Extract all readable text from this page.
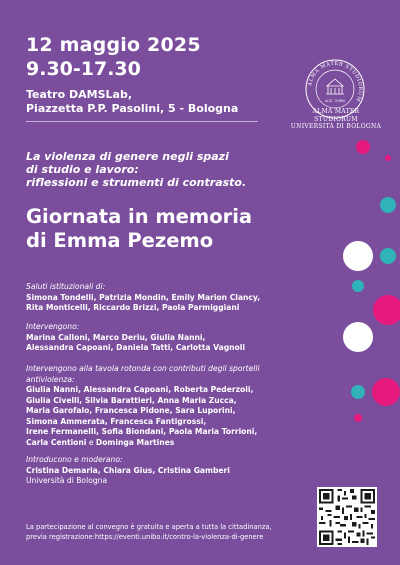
12 maggio 2025
9.30-17.30
Teatro DAMSLab,
Piazzetta P.P. Pasolini, 5 - Bologna
ALMA MATER STUDIORUM
A.D. 1088
ALMA MATER STUDIORUM
UNIVERSITÀ DI BOLOGNA
La violenza di genere negli spazi
di studio e lavoro:
riflessioni e strumenti di contrasto.
Giornata in memoria
di Emma Pezemo
Saluti istituzionali di:
Simona Tondelli, Patrizia Mondin, Emily Marion Clancy,
Rita Monticelli, Riccardo Brizzi, Paola Parmiggiani
Intervengono:
Marina Calloni, Marco Deriu, Giulia Nanni,
Alessandra Capoani, Daniela Tatti, Carlotta Vagnoli
Intervengono alla tavola rotonda con contributi degli sportelli
antiviolenza:
Giulia Nanni, Alessandra Capoani, Roberta Pederzoli,
Giulia Civelli, Silvia Barattieri, Anna Maria Zucca,
Maria Garofalo, Francesca Pidone, Sara Luporini,
Simona Ammerata, Francesca Fantigrossi,
Irene Fermanelli, Sofia Biondani, Paola Maria Torrioni,
Carla Centioni e Dominga Martines
Introducono e moderano:
Cristina Demaria, Chiara Gius, Cristina Gamberi
Università di Bologna
La partecipazione al convegno è gratuita e aperta a tutta la cittadinanza,
previa registrazione:https://eventi.unibo.it/contro-la-violenza-di-genere
